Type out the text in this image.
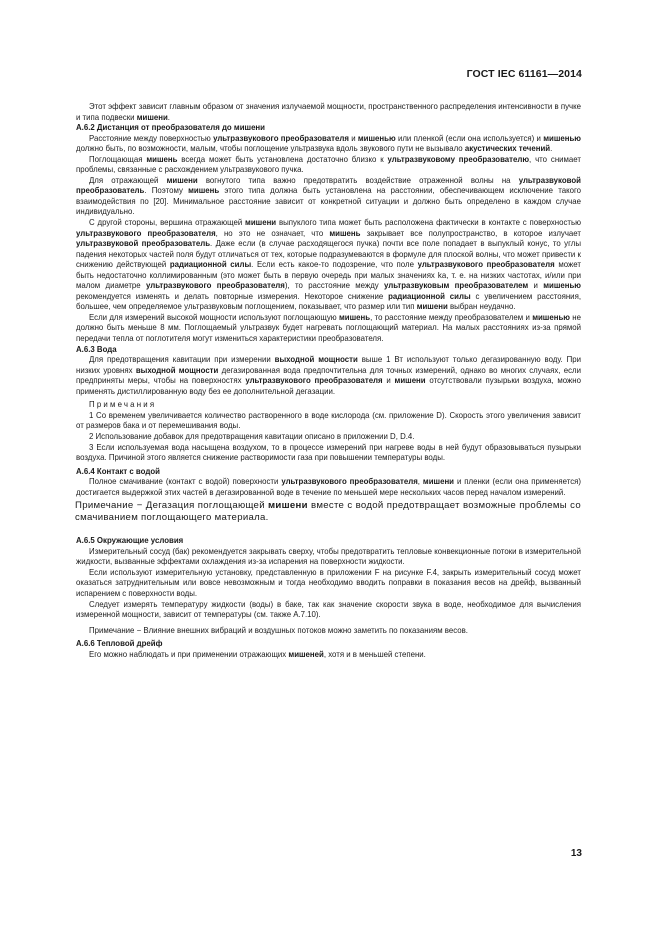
ГОСТ IEC 61161—2014

Этот эффект зависит главным образом от значения излучаемой мощности, пространственного распределения интенсивности в пучке и типа подвески мишени.

А.6.2 Дистанция от преобразователя до мишени

Расстояние между поверхностью ультразвукового преобразователя и мишенью или пленкой (если она используется) и мишенью должно быть, по возможности, малым, чтобы поглощение ультразвука вдоль звукового пути не вызывало акустических течений.

Поглощающая мишень всегда может быть установлена достаточно близко к ультразвуковому преобразователю, что снимает проблемы, связанные с расхождением ультразвукового пучка.

Для отражающей мишени вогнутого типа важно предотвратить воздействие отраженной волны на ультразвуковой преобразователь. Поэтому мишень этого типа должна быть установлена на расстоянии, обеспечивающем исключение такого взаимодействия по [20]. Минимальное расстояние зависит от конкретной ситуации и должно быть определено в каждом случае индивидуально.

С другой стороны, вершина отражающей мишени выпуклого типа может быть расположена фактически в контакте с поверхностью ультразвукового преобразователя, но это не означает, что мишень закрывает все полупространство, в которое излучает ультразвуковой преобразователь. Даже если (в случае расходящегося пучка) почти все поле попадает в выпуклый конус, то углы падения некоторых частей поля будут отличаться от тех, которые подразумеваются в формуле для плоской волны, что может привести к снижению действующей радиационной силы. Если есть какое-то подозрение, что поле ультразвукового преобразователя может быть недостаточно коллимированным (это может быть в первую очередь при малых значениях ka, т. е. на низких частотах, и/или при малом диаметре ультразвукового преобразователя), то расстояние между ультразвуковым преобразователем и мишенью рекомендуется изменять и делать повторные измерения. Некоторое снижение радиационной силы с увеличением расстояния, большее, чем определяемое ультразвуковым поглощением, показывает, что размер или тип мишени выбран неудачно.

Если для измерений высокой мощности используют поглощающую мишень, то расстояние между преобразователем и мишенью не должно быть меньше 8 мм. Поглощаемый ультразвук будет нагревать поглощающий материал. На малых расстояниях из-за прямой передачи тепла от поглотителя могут измениться характеристики преобразователя.

А.6.3 Вода

Для предотвращения кавитации при измерении выходной мощности выше 1 Вт используют только дегазированную воду. При низких уровнях выходной мощности дегазированная вода предпочтительна для точных измерений, однако во многих случаях, если предприняты меры, чтобы на поверхностях ультразвукового преобразователя и мишени отсутствовали пузырьки воздуха, можно применять дистиллированную воду без ее дополнительной дегазации.

Примечания

1 Со временем увеличивается количество растворенного в воде кислорода (см. приложение D). Скорость этого увеличения зависит от размеров бака и от перемешивания воды.

2 Использование добавок для предотвращения кавитации описано в приложении D, D.4.

3 Если используемая вода насыщена воздухом, то в процессе измерений при нагреве воды в ней будут образовываться пузырьки воздуха. Причиной этого является снижение растворимости газа при повышении температуры воды.

А.6.4 Контакт с водой

Полное смачивание (контакт с водой) поверхности ультразвукового преобразователя, мишени и пленки (если она применяется) достигается выдержкой этих частей в дегазированной воде в течение по меньшей мере нескольких часов перед началом измерений.

Примечание − Дегазация поглощающей мишени вместе с водой предотвращает возможные проблемы со смачиванием поглощающего материала.

А.6.5 Окружающие условия

Измерительный сосуд (бак) рекомендуется закрывать сверху, чтобы предотвратить тепловые конвекционные потоки в измерительной жидкости, вызванные эффектами охлаждения из-за испарения на поверхности жидкости.

Если используют измерительную установку, представленную в приложении F на рисунке F.4, закрыть измерительный сосуд может оказаться затруднительным или вовсе невозможным и тогда необходимо вводить поправки в показания весов на дрейф, вызванный испарением с поверхности воды.

Следует измерять температуру жидкости (воды) в баке, так как значение скорости звука в воде, необходимое для вычисления измеренной мощности, зависит от температуры (см. также А.7.10).

Примечание − Влияние внешних вибраций и воздушных потоков можно заметить по показаниям весов.

А.6.6 Тепловой дрейф

Его можно наблюдать и при применении отражающих мишеней, хотя и в меньшей степени.

13
